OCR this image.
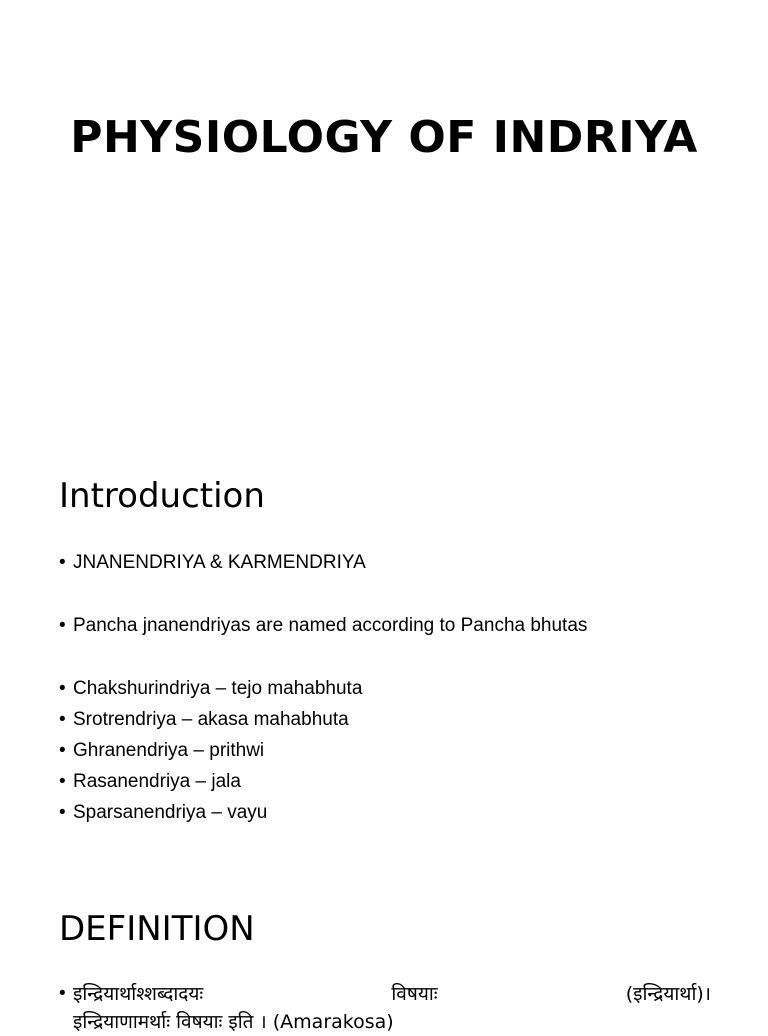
PHYSIOLOGY OF INDRIYA
Introduction
• JNANENDRIYA & KARMENDRIYA
• Pancha jnanendriyas are named according to Pancha bhutas
• Chakshurindriya – tejo mahabhuta
• Srotrendriya – akasa mahabhuta
• Ghranendriya – prithwi
• Rasanendriya – jala
• Sparsanendriya – vayu
DEFINITION
• इन्द्रियार्थाश्शब्दादयः	विषयाः	(इन्द्रियार्था)।
इन्द्रियाणामर्थाः विषयाः इति । (Amarakosa)
